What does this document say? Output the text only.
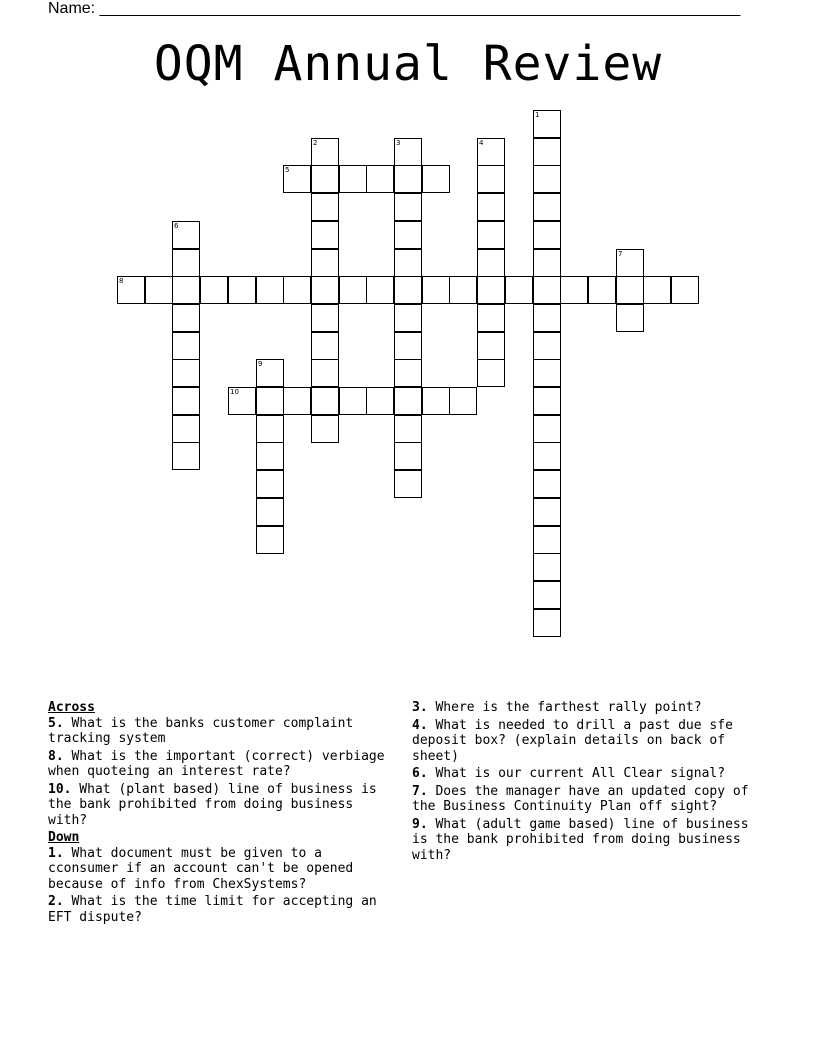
Name: ________________________________________________________________________
OQM Annual Review
1
2	3	4
5
6
7
8
9
10
Across
5. What is the banks customer complaint tracking system
8. What is the important (correct) verbiage when quoteing an interest rate?
10. What (plant based) line of business is the bank prohibited from doing business with?
Down
1. What document must be given to a cconsumer if an account can't be opened because of info from ChexSystems?
2. What is the time limit for accepting an EFT dispute?
3. Where is the farthest rally point?
4. What is needed to drill a past due sfe deposit box? (explain details on back of sheet)
6. What is our current All Clear signal?
7. Does the manager have an updated copy of the Business Continuity Plan off sight?
9. What (adult game based) line of business is the bank prohibited from doing business with?
